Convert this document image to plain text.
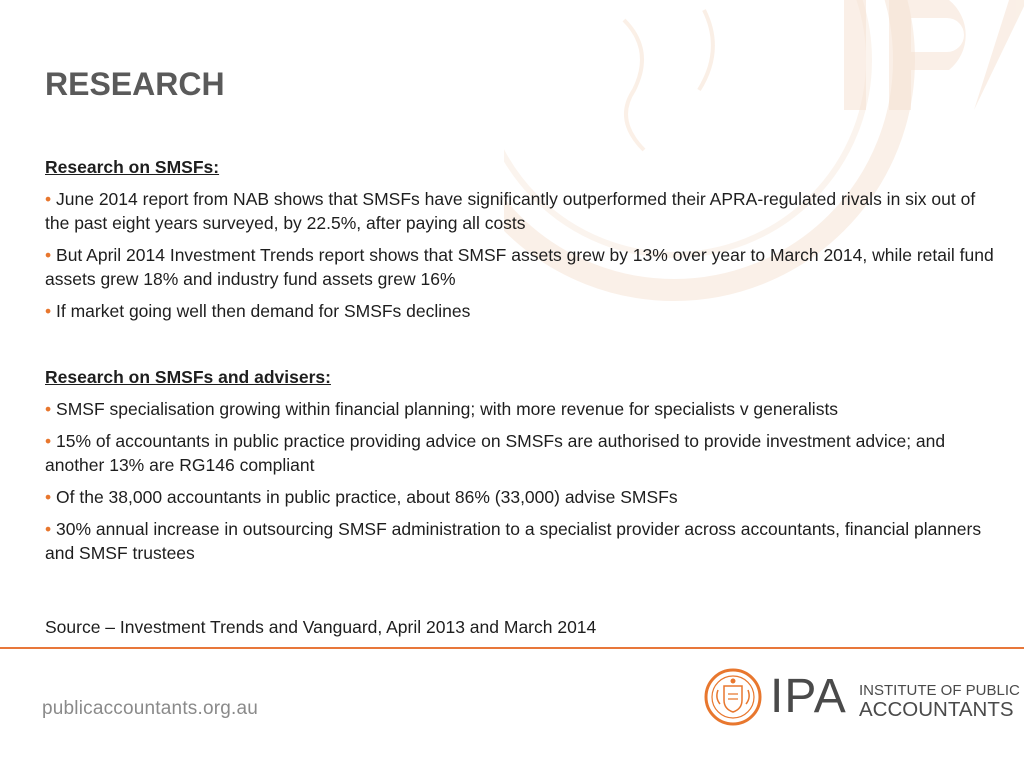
RESEARCH
Research on SMSFs:
• June 2014 report from NAB shows that SMSFs have significantly outperformed their APRA-regulated rivals in six out of the past eight years surveyed, by 22.5%, after paying all costs
• But April 2014 Investment Trends report shows that SMSF assets grew by 13% over year to March 2014, while retail fund assets grew 18% and industry fund assets grew 16%
• If market going well then demand for SMSFs declines
Research on SMSFs and advisers:
• SMSF specialisation growing within financial planning; with more revenue for specialists v generalists
• 15% of accountants in public practice providing advice on SMSFs are authorised to provide investment advice; and another 13% are RG146 compliant
• Of the 38,000 accountants in public practice, about 86% (33,000) advise SMSFs
• 30% annual increase in outsourcing SMSF administration to a specialist provider across accountants, financial planners and SMSF trustees
Source – Investment Trends and Vanguard, April 2013 and March 2014
publicaccountants.org.au	IPA INSTITUTE OF PUBLIC
ACCOUNTANTS
